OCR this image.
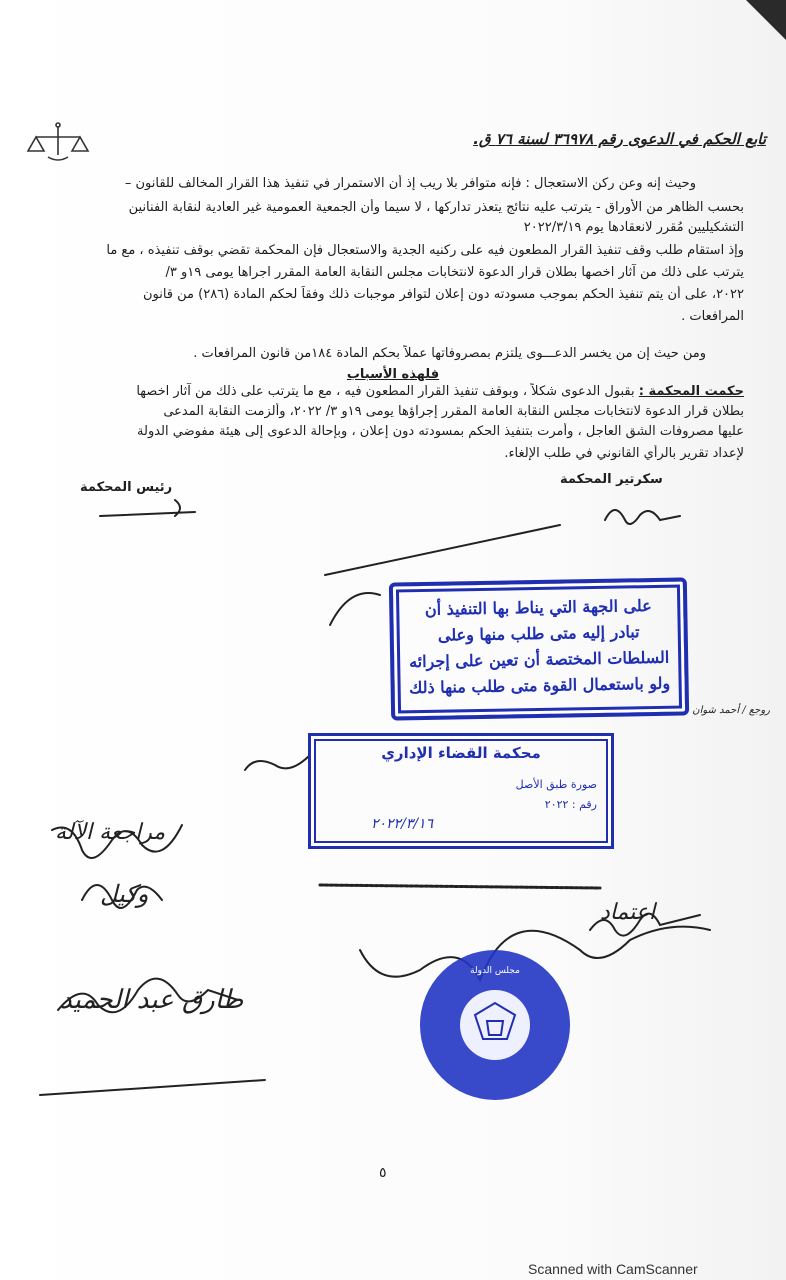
تابع الحكم في الدعوى رقم ٣٦٩٧٨ لسنة ٧٦ ق.
وحيث إنه وعن ركن الاستعجال : فإنه متوافر بلا ريب إذ أن الاستمرار في تنفيذ هذا القرار المخالف للقانون –
بحسب الظاهر من الأوراق - يترتب عليه نتائج يتعذر تداركها ، لا سيما وأن الجمعية العمومية غير العادية لنقابة الفنانين
التشكيليين مُقرر لانعقادها يوم ٢٠٢٢/٣/١٩
وإذ استقام طلب وقف تنفيذ القرار المطعون فيه على ركنيه الجدية والاستعجال فإن المحكمة تقضي بوقف تنفيذه ، مع ما
يترتب على ذلك من آثار اخصها بطلان قرار الدعوة لانتخابات مجلس النقابة العامة المقرر اجراها يومى ١٩و ٣/
٢٠٢٢، على أن يتم تنفيذ الحكم بموجب مسودته دون إعلان لتوافر موجبات ذلك وفقاً لحكم المادة (٢٨٦) من قانون
المرافعات .
ومن حيث إن من يخسر الدعـــوى يلتزم بمصروفاتها عملاً بحكم المادة ١٨٤من قانون المرافعات .
فلهذه الأسباب
حكمت المحكمة : بقبول الدعوى شكلاً ، وبوقف تنفيذ القرار المطعون فيه ، مع ما يترتب على ذلك من آثار اخصها
بطلان قرار الدعوة لانتخابات مجلس النقابة العامة المقرر إجراؤها يومى ١٩و ٣/ ٢٠٢٢، وألزمت النقابة المدعى
عليها مصروفات الشق العاجل ، وأمرت بتنفيذ الحكم بمسودته دون إعلان ، وبإحالة الدعوى إلى هيئة مفوضي الدولة
لإعداد تقرير بالرأي القانوني في طلب الإلغاء.
سكرتير المحكمة
رئيس المحكمة
على الجهة التي يناط بها التنفيذ أن
تبادر إليه متى طلب منها وعلى
السلطات المختصة أن تعين على إجرائه
ولو باستعمال القوة متى طلب منها ذلك
روجع / أحمد شوان
محكمة القضاء الإداري
صورة طبق الأصل
رقم : ٢٠٢٢
٢٠٢٢/٣/١٦
مجلس الدولة
مراجعة الآلة
وكيل
طارق عبد الحميد
اعتماد
٥
Scanned with CamScanner
